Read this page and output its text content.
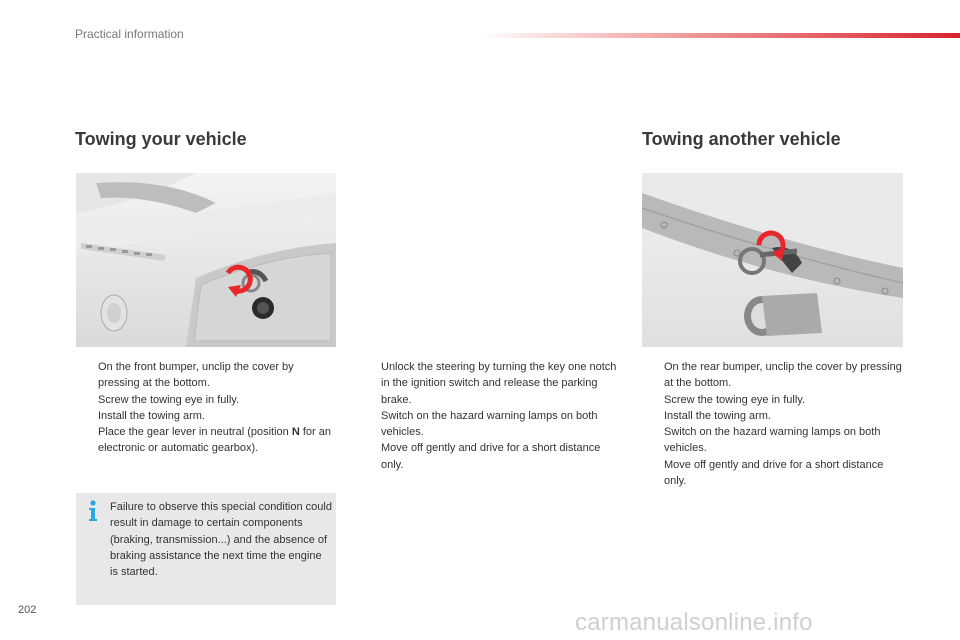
Practical information
Towing your vehicle
On the front bumper, unclip the cover by pressing at the bottom.
Screw the towing eye in fully.
Install the towing arm.
Place the gear lever in neutral (position N for an electronic or automatic gearbox).

Failure to observe this special condition could result in damage to certain components (braking, transmission...) and the absence of braking assistance the next time the engine is started.

Unlock the steering by turning the key one notch in the ignition switch and release the parking brake.
Switch on the hazard warning lamps on both vehicles.
Move off gently and drive for a short distance only.
Towing another vehicle
On the rear bumper, unclip the cover by pressing at the bottom.
Screw the towing eye in fully.
Install the towing arm.
Switch on the hazard warning lamps on both vehicles.
Move off gently and drive for a short distance only.
202	carmanualsonline.info
